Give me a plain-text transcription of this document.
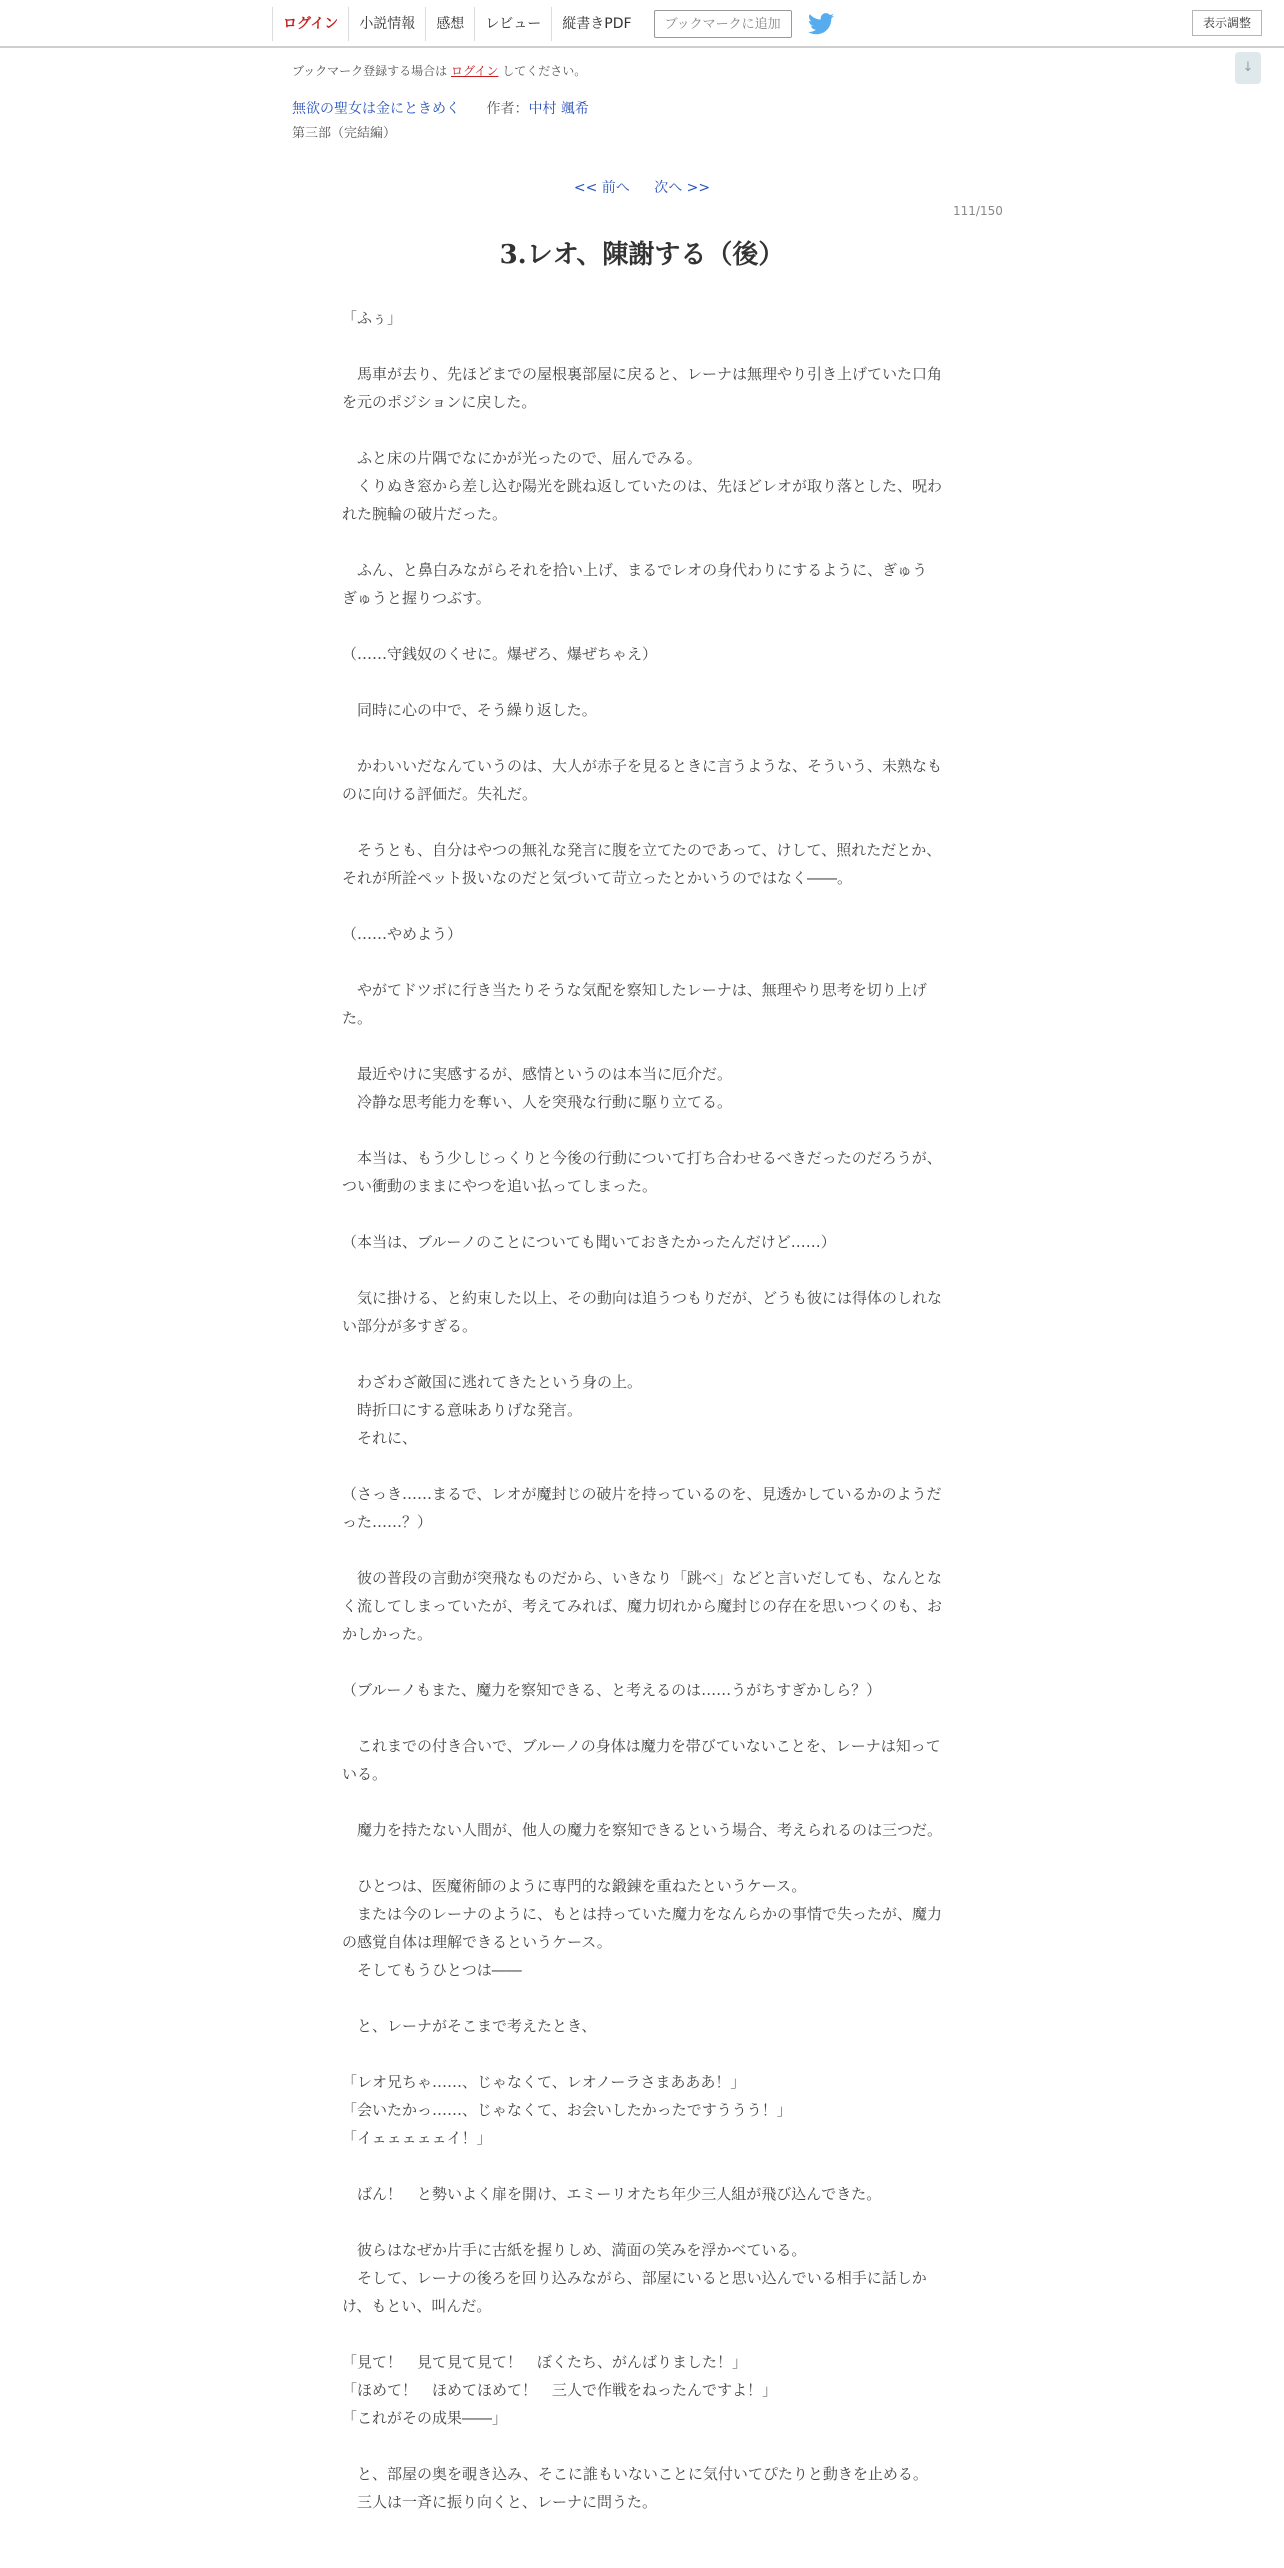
ログイン	小説情報	感想	レビュー	縦書きPDF	ブックマークに追加	表示調整
↓
ブックマーク登録する場合は ログイン してください。
無欲の聖女は金にときめく 作者：中村 颯希
第三部（完結編）
<< 前へ 次へ >>
111/150
3.レオ、陳謝する（後）

「ふぅ」

　馬車が去り、先ほどまでの屋根裏部屋に戻ると、レーナは無理やり引き上げていた口角を元のポジションに戻した。

　ふと床の片隅でなにかが光ったので、屈んでみる。

　くりぬき窓から差し込む陽光を跳ね返していたのは、先ほどレオが取り落とした、呪われた腕輪の破片だった。

　ふん、と鼻白みながらそれを拾い上げ、まるでレオの身代わりにするように、ぎゅうぎゅうと握りつぶす。

（……守銭奴のくせに。爆ぜろ、爆ぜちゃえ）

　同時に心の中で、そう繰り返した。

　かわいいだなんていうのは、大人が赤子を見るときに言うような、そういう、未熟なものに向ける評価だ。失礼だ。

　そうとも、自分はやつの無礼な発言に腹を立てたのであって、けして、照れただとか、それが所詮ペット扱いなのだと気づいて苛立ったとかいうのではなく――。

（……やめよう）

　やがてドツボに行き当たりそうな気配を察知したレーナは、無理やり思考を切り上げた。

　最近やけに実感するが、感情というのは本当に厄介だ。

　冷静な思考能力を奪い、人を突飛な行動に駆り立てる。

　本当は、もう少しじっくりと今後の行動について打ち合わせるべきだったのだろうが、つい衝動のままにやつを追い払ってしまった。

（本当は、ブルーノのことについても聞いておきたかったんだけど……）

　気に掛ける、と約束した以上、その動向は追うつもりだが、どうも彼には得体のしれない部分が多すぎる。

　わざわざ敵国に逃れてきたという身の上。

　時折口にする意味ありげな発言。

　それに、

（さっき……まるで、レオが魔封じの破片を持っているのを、見透かしているかのようだった……？）

　彼の普段の言動が突飛なものだから、いきなり「跳べ」などと言いだしても、なんとなく流してしまっていたが、考えてみれば、魔力切れから魔封じの存在を思いつくのも、おかしかった。

（ブルーノもまた、魔力を察知できる、と考えるのは……うがちすぎかしら？）

　これまでの付き合いで、ブルーノの身体は魔力を帯びていないことを、レーナは知っている。

　魔力を持たない人間が、他人の魔力を察知できるという場合、考えられるのは三つだ。

　ひとつは、医魔術師のように専門的な鍛錬を重ねたというケース。

　または今のレーナのように、もとは持っていた魔力をなんらかの事情で失ったが、魔力の感覚自体は理解できるというケース。

　そしてもうひとつは――

　と、レーナがそこまで考えたとき、

「レオ兄ちゃ……、じゃなくて、レオノーラさまあああ！」

「会いたかっ……、じゃなくて、お会いしたかったですううう！」

「イェェェェェイ！」

　ばん！　と勢いよく扉を開け、エミーリオたち年少三人組が飛び込んできた。

　彼らはなぜか片手に古紙を握りしめ、満面の笑みを浮かべている。

　そして、レーナの後ろを回り込みながら、部屋にいると思い込んでいる相手に話しかけ、もとい、叫んだ。

「見て！　見て見て見て！　ぼくたち、がんばりました！」

「ほめて！　ほめてほめて！　三人で作戦をねったんですよ！」

「これがその成果――」

　と、部屋の奥を覗き込み、そこに誰もいないことに気付いてぴたりと動きを止める。

　三人は一斉に振り向くと、レーナに問うた。
